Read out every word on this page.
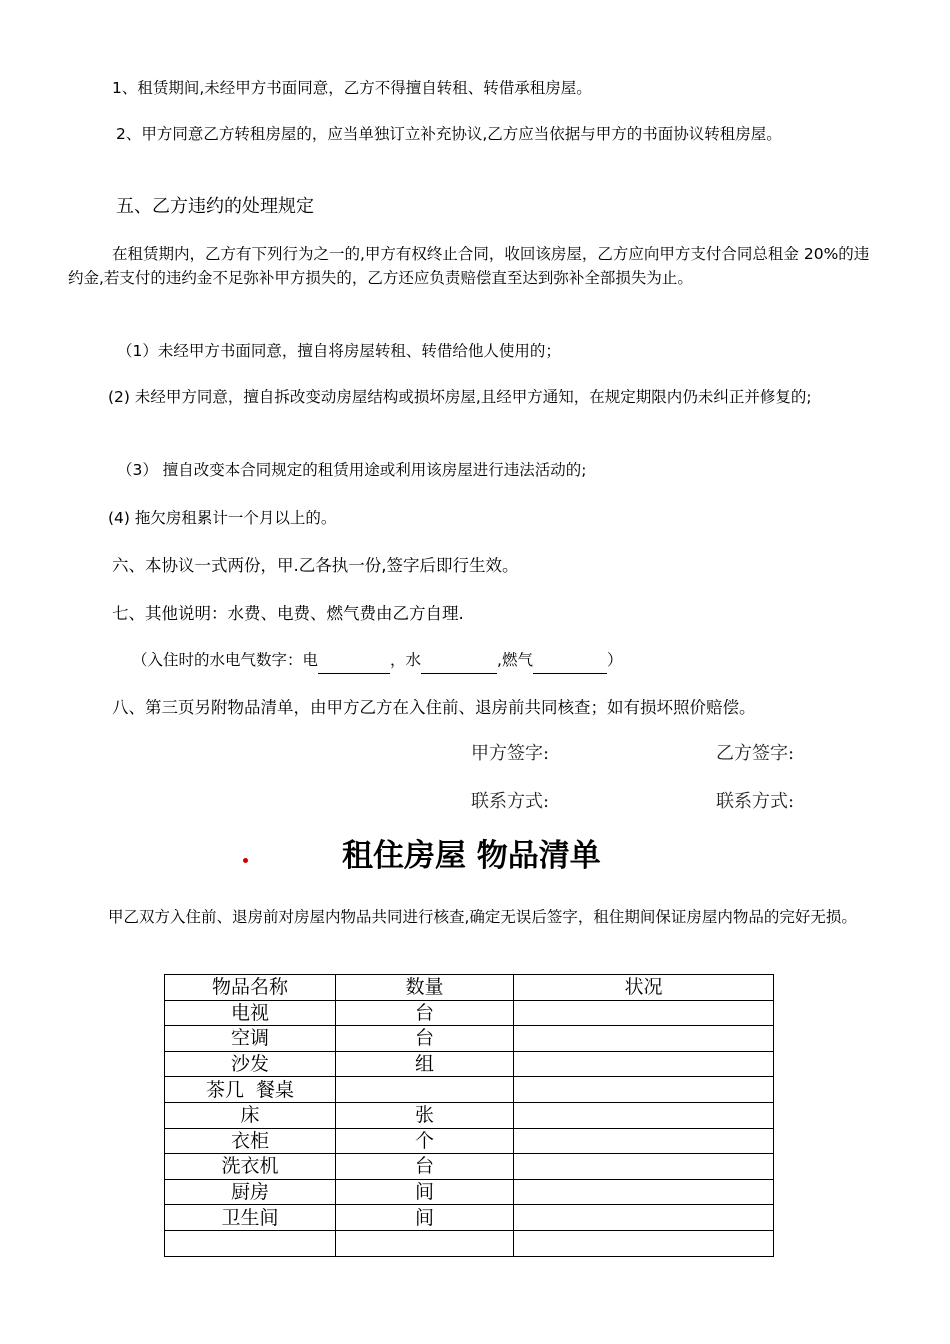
1、租赁期间,未经甲方书面同意，乙方不得擅自转租、转借承租房屋。
2、甲方同意乙方转租房屋的，应当单独订立补充协议,乙方应当依据与甲方的书面协议转租房屋。
五、乙方违约的处理规定
在租赁期内，乙方有下列行为之一的,甲方有权终止合同，收回该房屋，乙方应向甲方支付合同总租金 20%的违约金,若支付的违约金不足弥补甲方损失的，乙方还应负责赔偿直至达到弥补全部损失为止。
（1）未经甲方书面同意，擅自将房屋转租、转借给他人使用的；
(2) 未经甲方同意，擅自拆改变动房屋结构或损坏房屋,且经甲方通知，在规定期限内仍未纠正并修复的;
（3） 擅自改变本合同规定的租赁用途或利用该房屋进行违法活动的;
(4) 拖欠房租累计一个月以上的。
六、本协议一式两份，甲.乙各执一份,签字后即行生效。
七、其他说明：水费、电费、燃气费由乙方自理.
（入住时的水电气数字：电	，水	,燃气	）
八、第三页另附物品清单，由甲方乙方在入住前、退房前共同核查；如有损坏照价赔偿。
甲方签字:	乙方签字:
联系方式:	联系方式:
租住房屋 物品清单
甲乙双方入住前、退房前对房屋内物品共同进行核查,确定无误后签字，租住期间保证房屋内物品的完好无损。
物品名称	数量	状况
电视	台	
空调	台	
沙发	组	
茶几  餐桌		
床	张	
衣柜	个	
洗衣机	台	
厨房	间	
卫生间	间	
